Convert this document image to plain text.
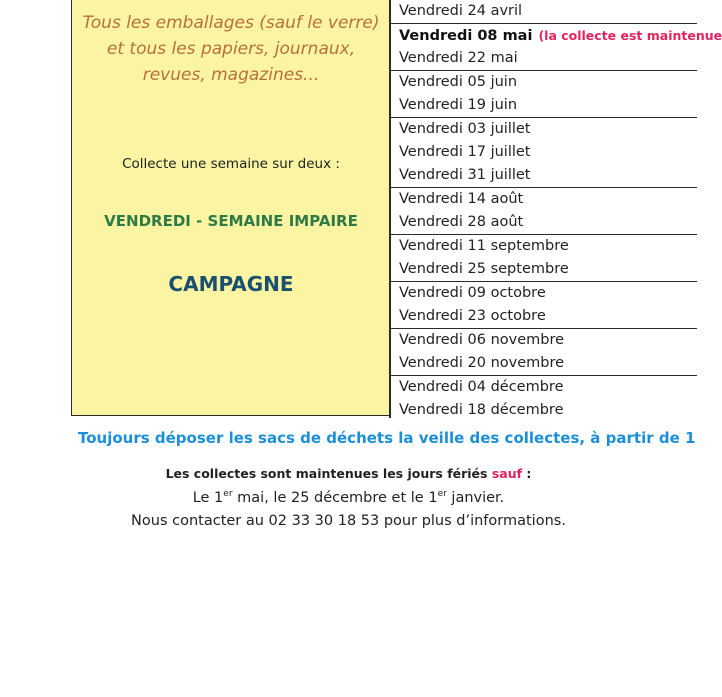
Tous les emballages (sauf le verre)
et tous les papiers, journaux,
revues, magazines...
Collecte une semaine sur deux :
VENDREDI - SEMAINE IMPAIRE
CAMPAGNE
Vendredi 24 avril
Vendredi 08 mai (la collecte est maintenue
Vendredi 22 mai
Vendredi 05 juin
Vendredi 19 juin
Vendredi 03 juillet
Vendredi 17 juillet
Vendredi 31 juillet
Vendredi 14 août
Vendredi 28 août
Vendredi 11 septembre
Vendredi 25 septembre
Vendredi 09 octobre
Vendredi 23 octobre
Vendredi 06 novembre
Vendredi 20 novembre
Vendredi 04 décembre
Vendredi 18 décembre
Toujours déposer les sacs de déchets la veille des collectes, à partir de 1
Les collectes sont maintenues les jours fériés sauf :
Le 1er mai, le 25 décembre et le 1er janvier.
Nous contacter au 02 33 30 18 53 pour plus d’informations.
